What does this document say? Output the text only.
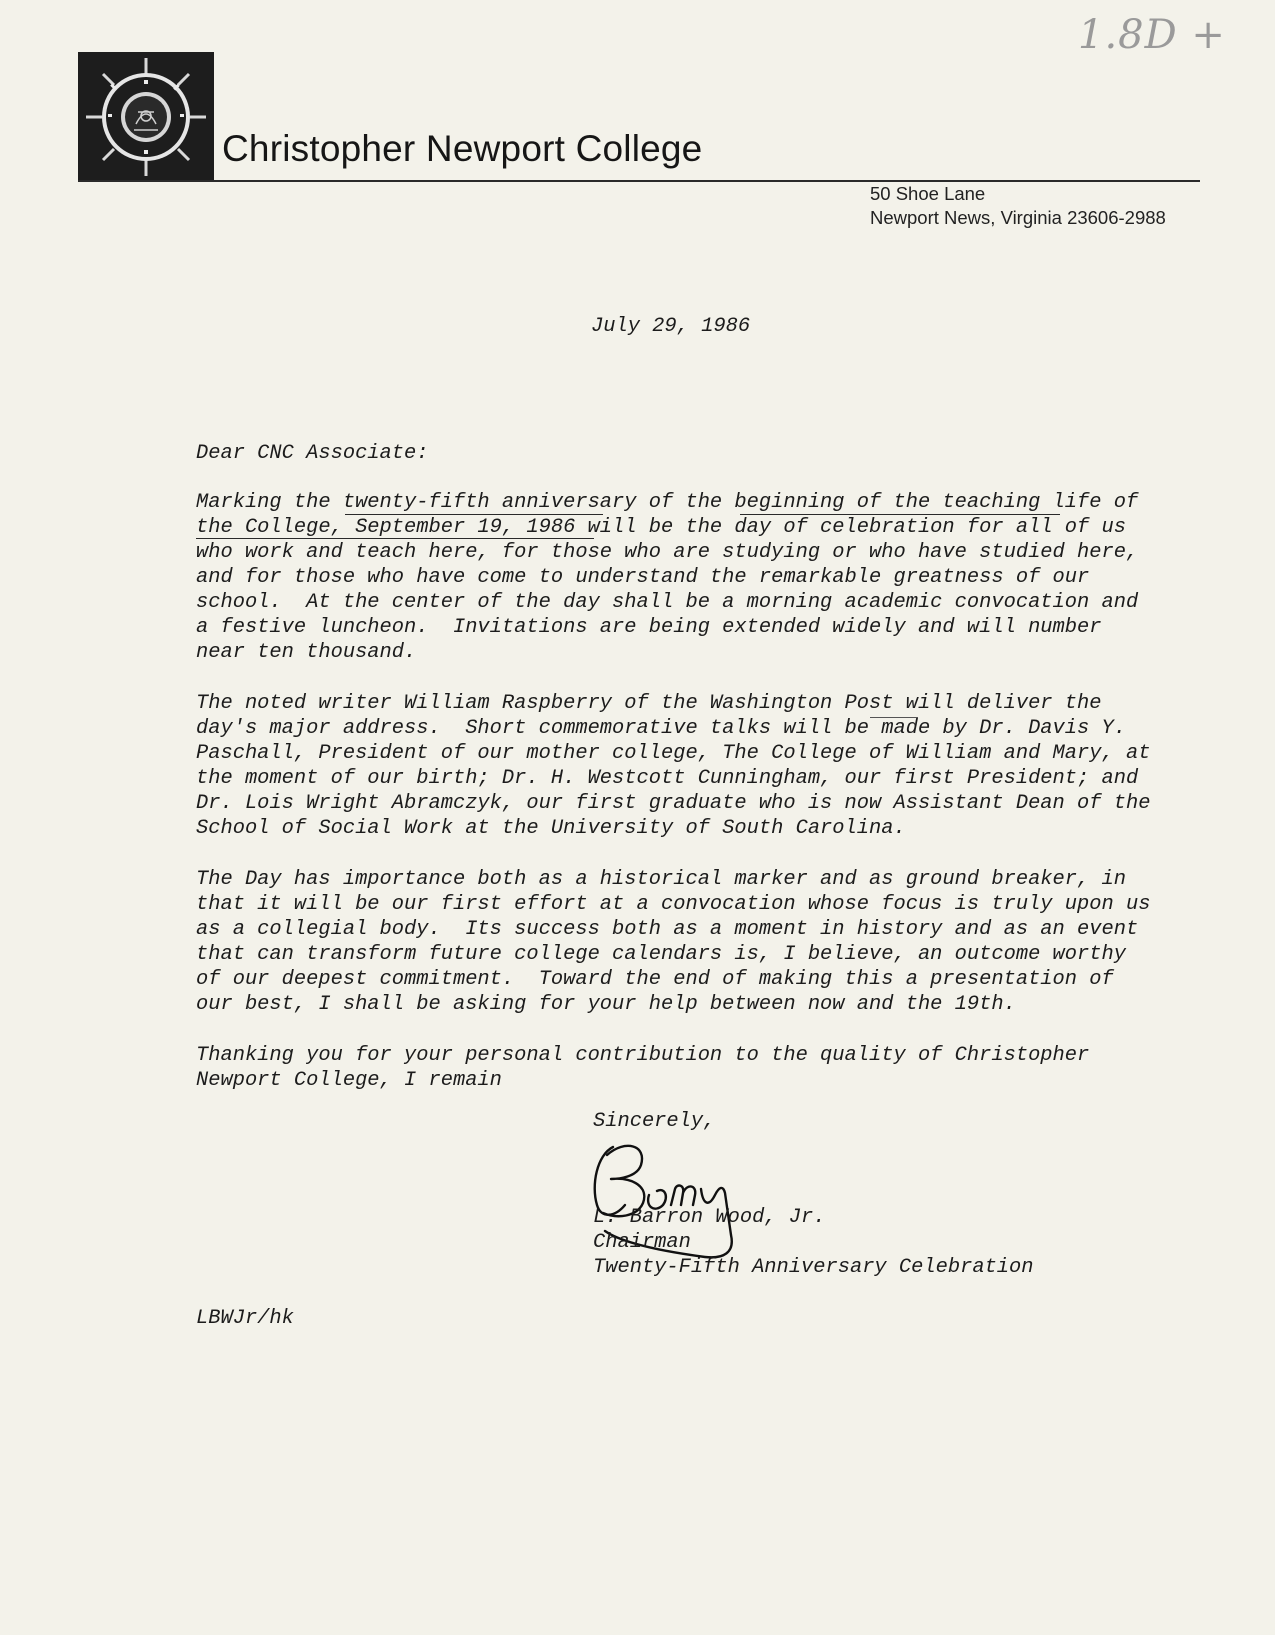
1.8D +
Christopher Newport College
50 Shoe Lane
Newport News, Virginia 23606-2988
July 29, 1986
Dear CNC Associate:

Marking the twenty-fifth anniversary of the beginning of the teaching life of
the College, September 19, 1986 will be the day of celebration for all of us
who work and teach here, for those who are studying or who have studied here,
and for those who have come to understand the remarkable greatness of our
school.  At the center of the day shall be a morning academic convocation and
a festive luncheon.  Invitations are being extended widely and will number
near ten thousand.

The noted writer William Raspberry of the Washington Post will deliver the
day's major address.  Short commemorative talks will be made by Dr. Davis Y.
Paschall, President of our mother college, The College of William and Mary, at
the moment of our birth; Dr. H. Westcott Cunningham, our first President; and
Dr. Lois Wright Abramczyk, our first graduate who is now Assistant Dean of the
School of Social Work at the University of South Carolina.

The Day has importance both as a historical marker and as ground breaker, in
that it will be our first effort at a convocation whose focus is truly upon us
as a collegial body.  Its success both as a moment in history and as an event
that can transform future college calendars is, I believe, an outcome worthy
of our deepest commitment.  Toward the end of making this a presentation of
our best, I shall be asking for your help between now and the 19th.

Thanking you for your personal contribution to the quality of Christopher
Newport College, I remain

Sincerely,
L. Barron Wood, Jr.
Chairman
Twenty-Fifth Anniversary Celebration
LBWJr/hk
